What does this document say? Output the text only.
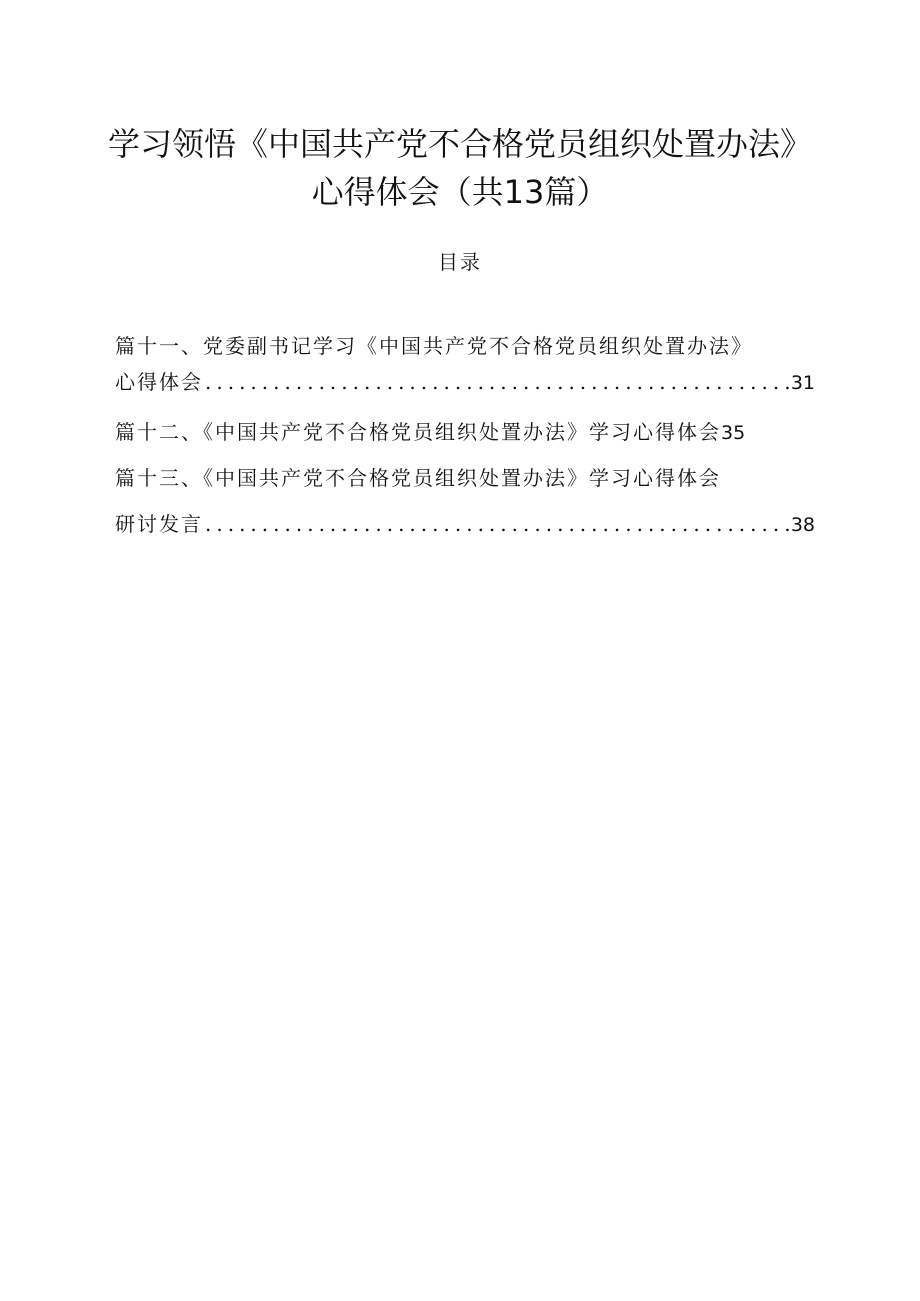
学习领悟《中国共产党不合格党员组织处置办法》
心得体会（共13篇）
目录
篇十一、党委副书记学习《中国共产党不合格党员组织处置办法》
心得体会 .....	31
篇十二、《中国共产党不合格党员组织处置办法》学习心得体会 35
篇十三、《中国共产党不合格党员组织处置办法》学习心得体会
研讨发言 .....	38
